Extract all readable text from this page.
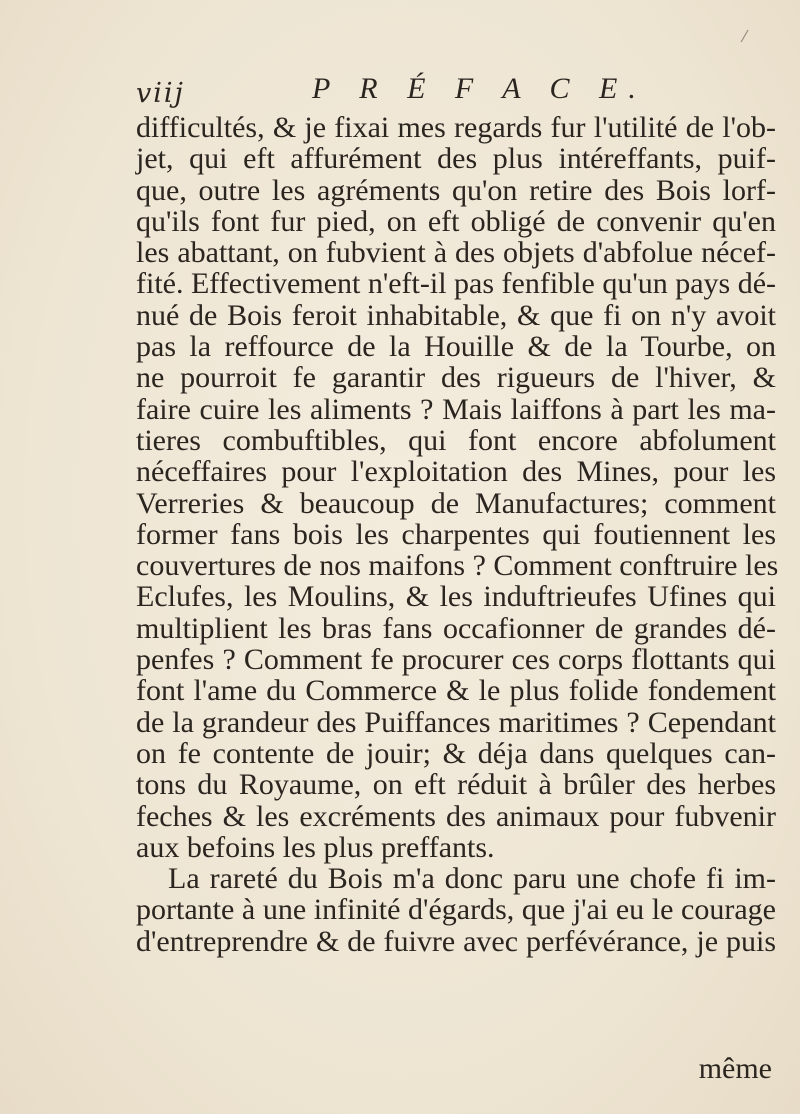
/
viij	P R É F A C E.
difficultés, & je fixai mes regards fur l'utilité de l'ob-
jet, qui eft affurément des plus intéreffants, puif-
que, outre les agréments qu'on retire des Bois lorf-
qu'ils font fur pied, on eft obligé de convenir qu'en
les abattant, on fubvient à des objets d'abfolue nécef-
fité. Effectivement n'eft-il pas fenfible qu'un pays dé-
nué de Bois feroit inhabitable, & que fi on n'y avoit
pas la reffource de la Houille & de la Tourbe, on
ne pourroit fe garantir des rigueurs de l'hiver, &
faire cuire les aliments ? Mais laiffons à part les ma-
tieres combuftibles, qui font encore abfolument
néceffaires pour l'exploitation des Mines, pour les
Verreries & beaucoup de Manufactures; comment
former fans bois les charpentes qui foutiennent les
couvertures de nos maifons ? Comment conftruire les
Eclufes, les Moulins, & les induftrieufes Ufines qui
multiplient les bras fans occafionner de grandes dé-
penfes ? Comment fe procurer ces corps flottants qui
font l'ame du Commerce & le plus folide fondement
de la grandeur des Puiffances maritimes ? Cependant
on fe contente de jouir; & déja dans quelques can-
tons du Royaume, on eft réduit à brûler des herbes
feches & les excréments des animaux pour fubvenir
aux befoins les plus preffants.
La rareté du Bois m'a donc paru une chofe fi im-
portante à une infinité d'égards, que j'ai eu le courage
d'entreprendre & de fuivre avec perfévérance, je puis
même
